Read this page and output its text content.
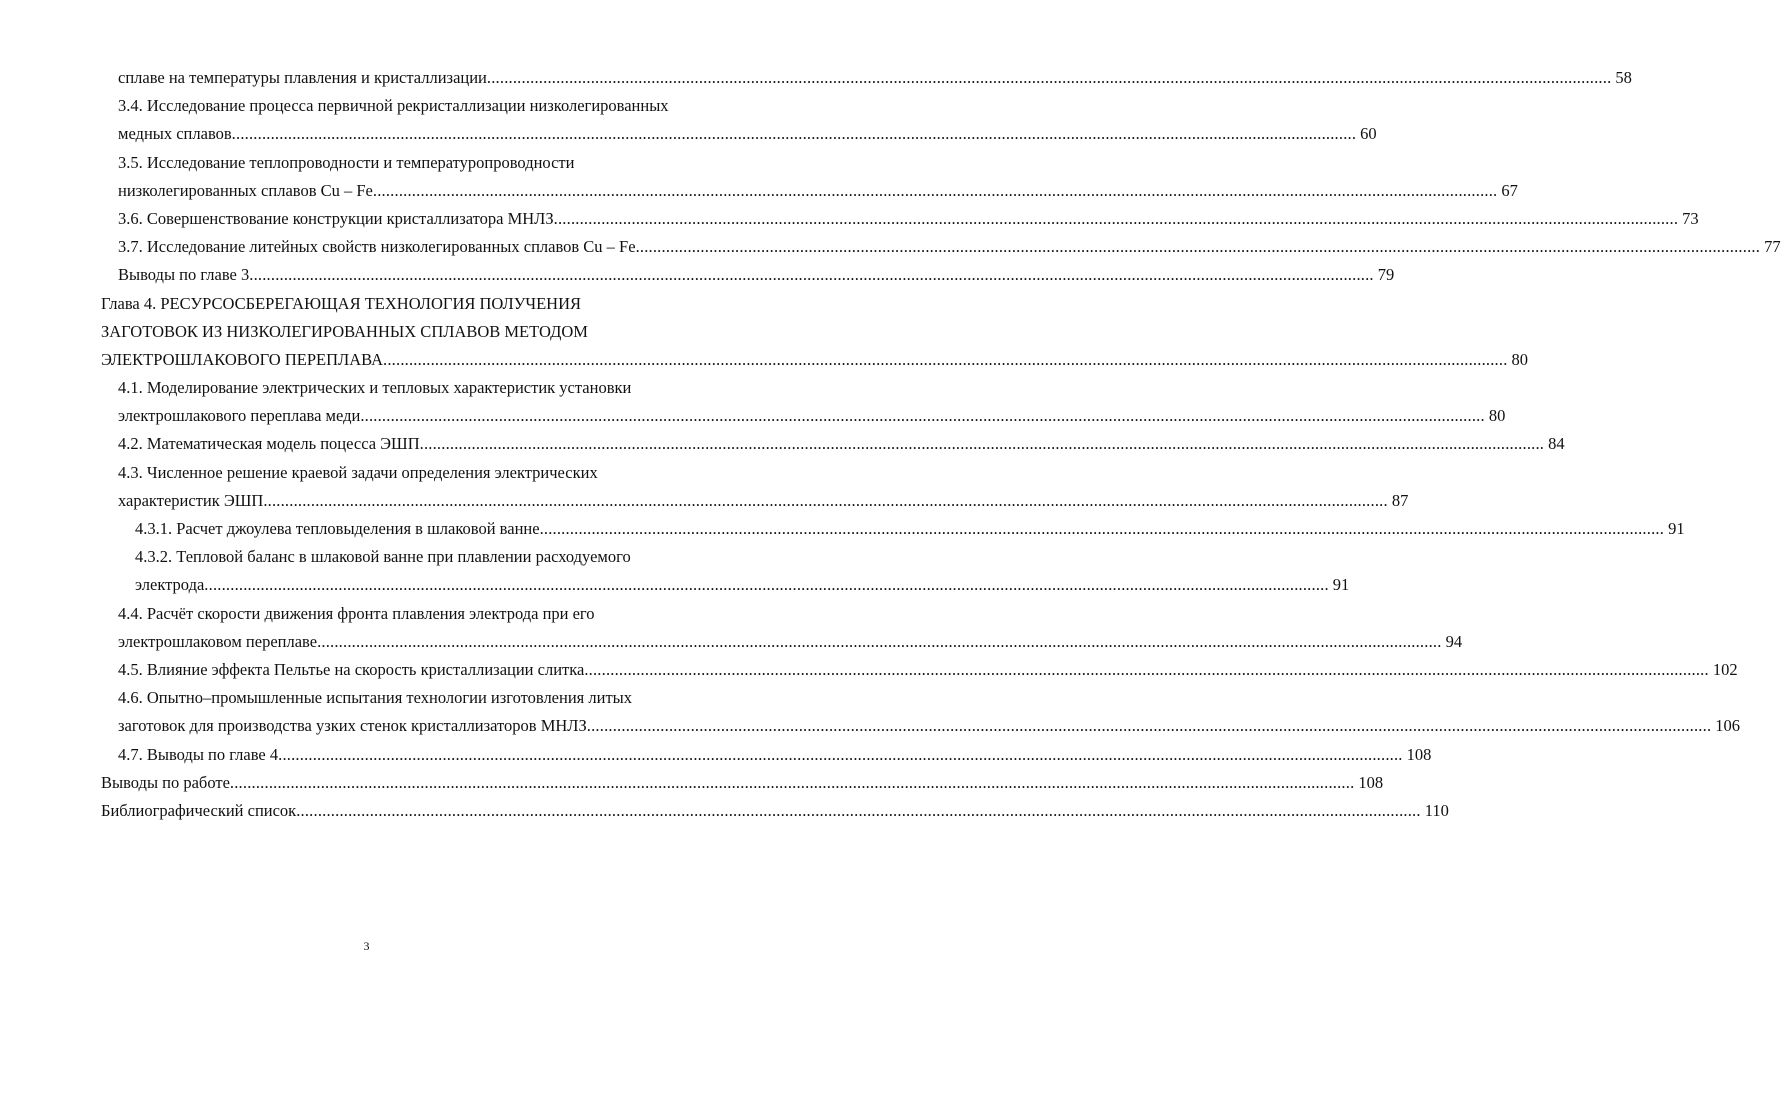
сплаве на температуры плавления и кристаллизации .................................................................................................................................................................................................................................................................... 58
3.4. Исследование процесса первичной рекристаллизации низколегированных
медных сплавов .................................................................................................................................................................................................................................................................... 60
3.5. Исследование теплопроводности и температуропроводности
низколегированных сплавов Cu – Fe .................................................................................................................................................................................................................................................................... 67
3.6. Совершенствование конструкции кристаллизатора МНЛЗ .................................................................................................................................................................................................................................................................... 73
3.7. Исследование литейных свойств низколегированных сплавов Cu – Fe .................................................................................................................................................................................................................................................................... 77
Выводы по главе 3 .................................................................................................................................................................................................................................................................... 79
Глава 4. РЕСУРСОСБЕРЕГАЮЩАЯ ТЕХНОЛОГИЯ ПОЛУЧЕНИЯ
ЗАГОТОВОК ИЗ НИЗКОЛЕГИРОВАННЫХ СПЛАВОВ МЕТОДОМ
ЭЛЕКТРОШЛАКОВОГО ПЕРЕПЛАВА .................................................................................................................................................................................................................................................................... 80
4.1. Моделирование электрических и тепловых характеристик установки
электрошлакового переплава меди .................................................................................................................................................................................................................................................................... 80
4.2. Математическая модель поцесса ЭШП .................................................................................................................................................................................................................................................................... 84
4.3. Численное решение краевой задачи определения электрических
характеристик ЭШП .................................................................................................................................................................................................................................................................... 87
4.3.1. Расчет джоулева тепловыделения в шлаковой ванне .................................................................................................................................................................................................................................................................... 91
4.3.2. Тепловой баланс в шлаковой ванне при плавлении расходуемого
электрода .................................................................................................................................................................................................................................................................... 91
4.4. Расчёт скорости движения фронта плавления электрода при его
электрошлаковом переплаве .................................................................................................................................................................................................................................................................... 94
4.5. Влияние эффекта Пельтье на скорость кристаллизации слитка .................................................................................................................................................................................................................................................................... 102
4.6. Опытно–промышленные испытания технологии изготовления литых
заготовок для производства узких стенок кристаллизаторов МНЛЗ .................................................................................................................................................................................................................................................................... 106
4.7. Выводы по главе 4 .................................................................................................................................................................................................................................................................... 108
Выводы по работе .................................................................................................................................................................................................................................................................... 108
Библиографический список .................................................................................................................................................................................................................................................................... 110
3
